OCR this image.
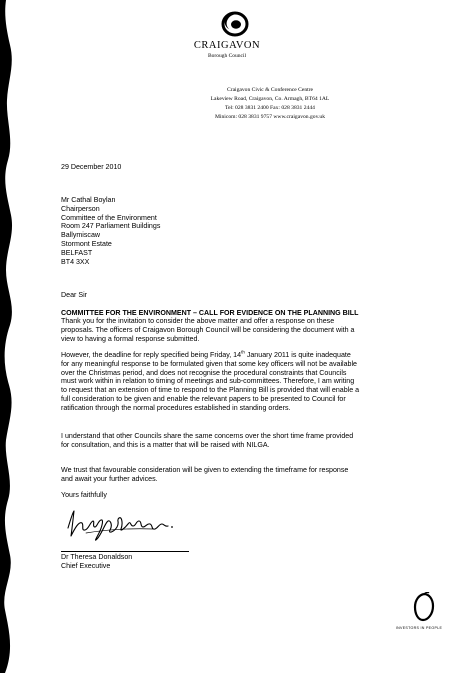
CRAIGAVON
Borough Council
Craigavon Civic & Conference Centre
Lakeview Road, Craigavon, Co. Armagh, BT64 1AL
Tel: 028 3831 2400 Fax: 028 3831 2444
Minicom: 028 3831 9757 www.craigavon.gov.uk
29 December 2010
Mr Cathal Boylan
Chairperson
Committee of the Environment
Room 247 Parliament Buildings
Ballymiscaw
Stormont Estate
BELFAST
BT4 3XX
Dear Sir
COMMITTEE FOR THE ENVIRONMENT – CALL FOR EVIDENCE ON THE PLANNING BILL
Thank you for the invitation to consider the above matter and offer a response on these
proposals. The officers of Craigavon Borough Council will be considering the document with a
view to having a formal response submitted.
However, the deadline for reply specified being Friday, 14th January 2011 is quite inadequate
for any meaningful response to be formulated given that some key officers will not be available
over the Christmas period, and does not recognise the procedural constraints that Councils
must work within in relation to timing of meetings and sub-committees. Therefore, I am writing
to request that an extension of time to respond to the Planning Bill is provided that will enable a
full consideration to be given and enable the relevant papers to be presented to Council for
ratification through the normal procedures established in standing orders.
I understand that other Councils share the same concerns over the short time frame provided
for consultation, and this is a matter that will be raised with NILGA.
We trust that favourable consideration will be given to extending the timeframe for response
and await your further advices.
Yours faithfully
Dr Theresa Donaldson
Chief Executive
INVESTORS IN PEOPLE
